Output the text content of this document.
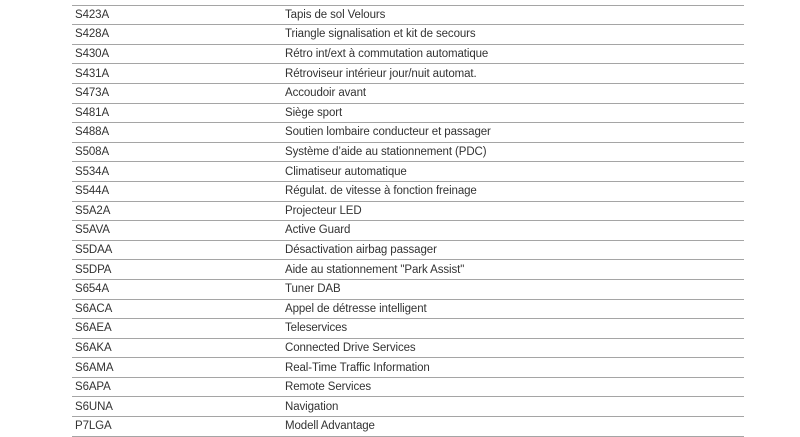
S423A	Tapis de sol Velours
S428A	Triangle signalisation et kit de secours
S430A	Rétro int/ext à commutation automatique
S431A	Rétroviseur intérieur jour/nuit automat.
S473A	Accoudoir avant
S481A	Siège sport
S488A	Soutien lombaire conducteur et passager
S508A	Système d’aide au stationnement (PDC)
S534A	Climatiseur automatique
S544A	Régulat. de vitesse à fonction freinage
S5A2A	Projecteur LED
S5AVA	Active Guard
S5DAA	Désactivation airbag passager
S5DPA	Aide au stationnement "Park Assist"
S654A	Tuner DAB
S6ACA	Appel de détresse intelligent
S6AEA	Teleservices
S6AKA	Connected Drive Services
S6AMA	Real-Time Traffic Information
S6APA	Remote Services
S6UNA	Navigation
P7LGA	Modell Advantage
